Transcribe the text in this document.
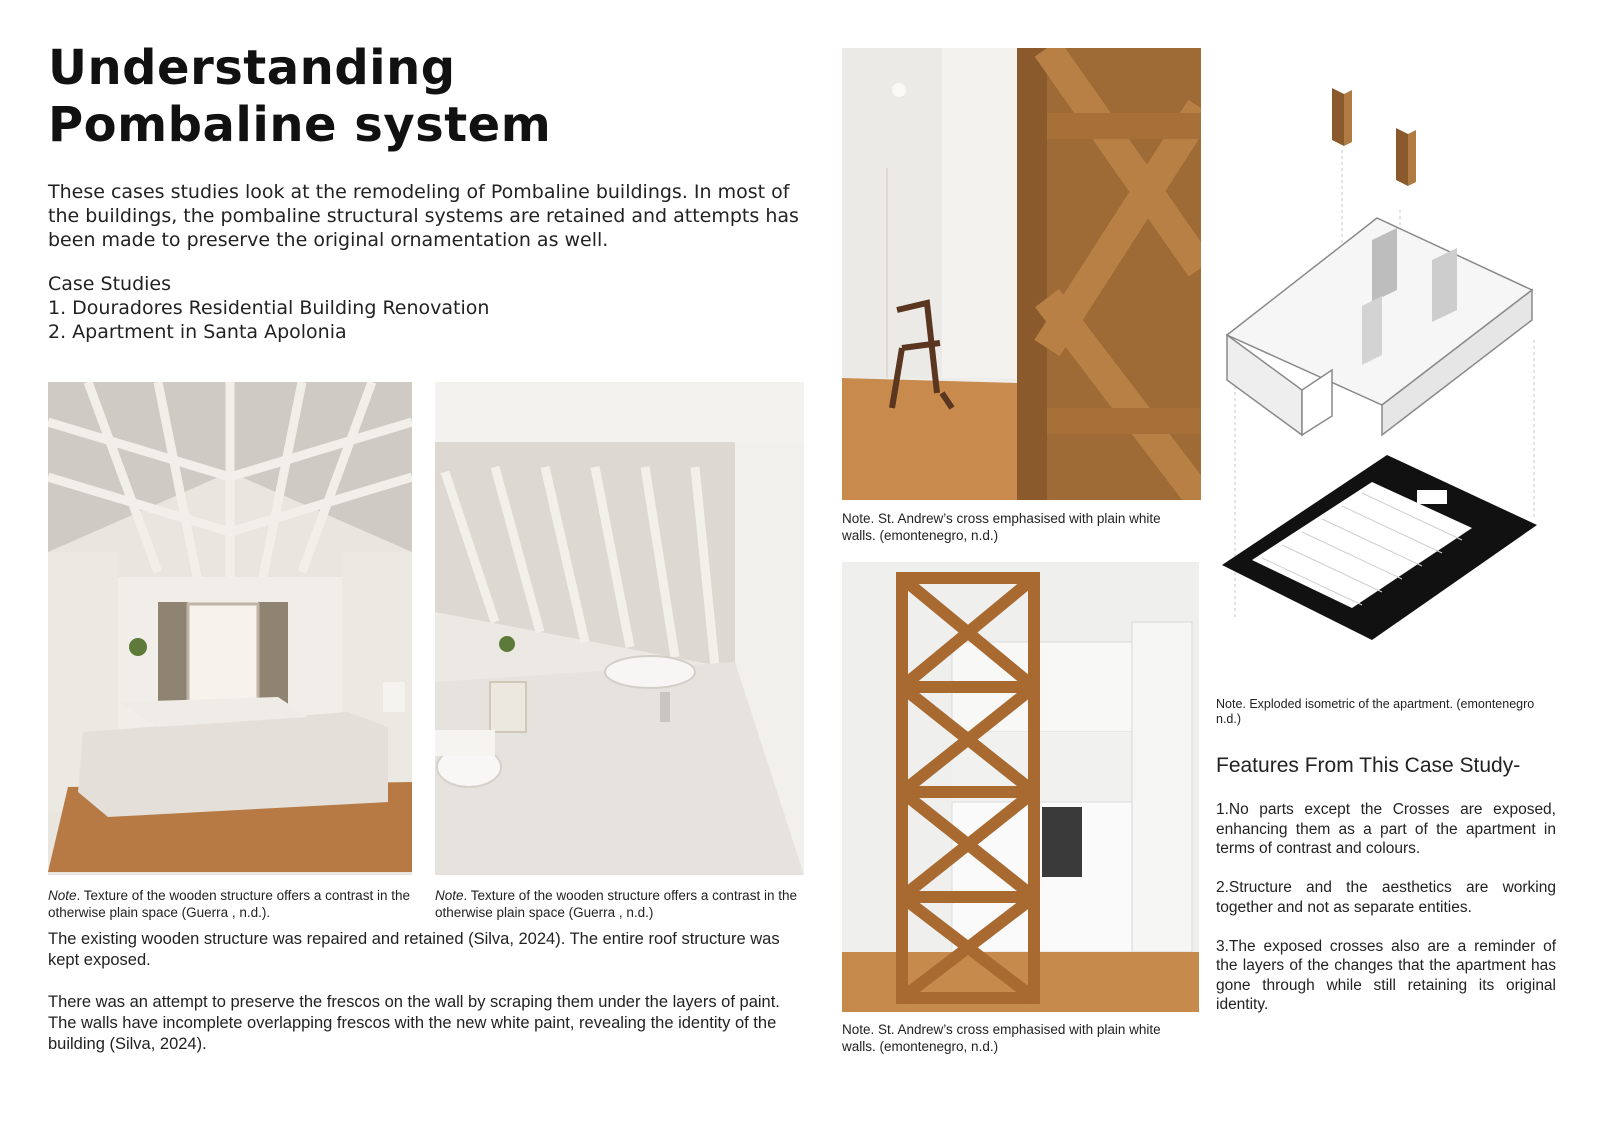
Understanding
Pombaline system
These cases studies look at the remodeling of Pombaline buildings. In most of the buildings, the pombaline structural systems are retained and attempts has been made to preserve the original ornamentation as well.
Case Studies
1. Douradores Residential Building Renovation
2. Apartment in Santa Apolonia
Note. Texture of the wooden structure offers a contrast in the otherwise plain space (Guerra , n.d.).
Note. Texture of the wooden structure offers a contrast in the otherwise plain space (Guerra , n.d.)
The existing wooden structure was repaired and retained (Silva, 2024). The entire roof structure was kept exposed.
There was an attempt to preserve the frescos on the wall by scraping them under the layers of paint. The walls have incomplete overlapping frescos with the new white paint, revealing the identity of the building (Silva, 2024).
Note. St. Andrew’s cross emphasised with plain white walls. (emontenegro, n.d.)
Note. St. Andrew’s cross emphasised with plain white walls. (emontenegro, n.d.)
Note. Exploded isometric of the apartment. (emontenegro n.d.)
Features From This Case Study-

1.No parts except the Crosses are exposed, enhancing them as a part of the apartment in terms of contrast and colours.

2.Structure and the aesthetics are working together and not as separate entities.

3.The exposed crosses also are a reminder of the layers of the changes that the apartment has gone through while still retaining its original identity.
